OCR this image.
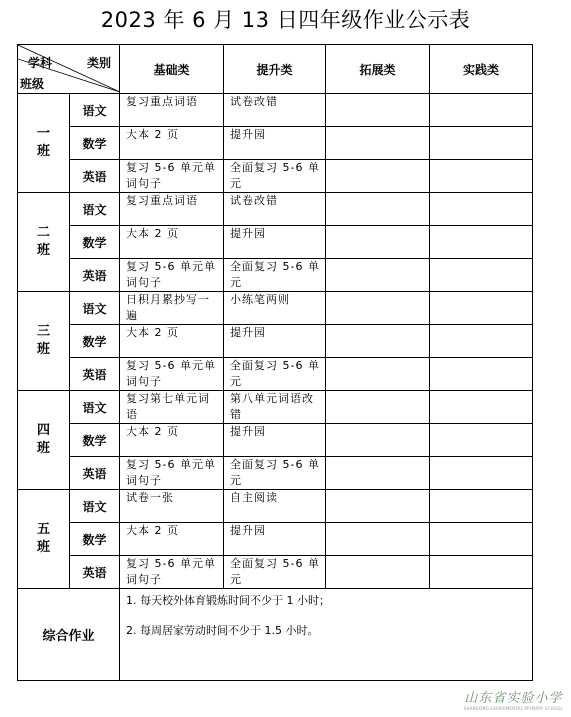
2023 年 6 月 13 日四年级作业公示表
学科 类别
班级		基础类	提升类	拓展类	实践类

一
班	语文	复习重点词语	试卷改错		
	数学	大本 2 页	提升园		
	英语	复习 5-6 单元单词句子	全面复习 5-6 单元		

二
班	语文	复习重点词语	试卷改错		
	数学	大本 2 页	提升园		
	英语	复习 5-6 单元单词句子	全面复习 5-6 单元		

三
班	语文	日积月累抄写一遍	小练笔两则		
	数学	大本 2 页	提升园		
	英语	复习 5-6 单元单词句子	全面复习 5-6 单元		

四
班	语文	复习第七单元词语	第八单元词语改错		
	数学	大本 2 页	提升园		
	英语	复习 5-6 单元单词句子	全面复习 5-6 单元		

五
班	语文	试卷一张	自主阅读		
	数学	大本 2 页	提升园		
	英语	复习 5-6 单元单词句子	全面复习 5-6 单元		
综合作业		1. 每天校外体育锻炼时间不少于 1 小时；

2. 每周居家劳动时间不少于 1.5 小时。			

山东省实验小学
SHANDONG EXPERIMENTAL PRIMARY SCHOOL
